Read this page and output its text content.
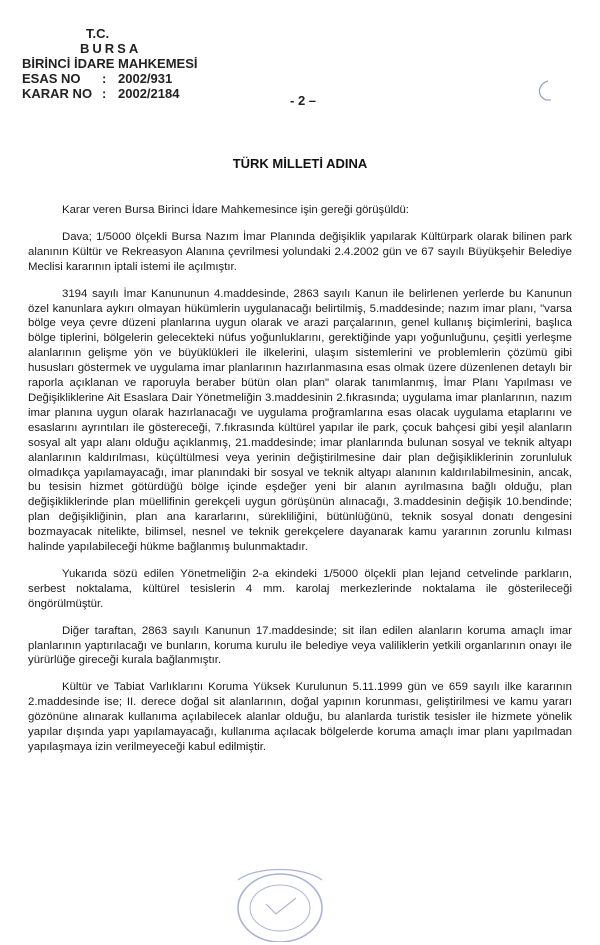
T.C.
BURSA
BİRİNCİ İDARE MAHKEMESİ
ESAS NO	: 2002/931
KARAR NO : 2002/2184	- 2 –
TÜRK MİLLETİ ADINA

Karar veren Bursa Birinci İdare Mahkemesince işin gereği görüşüldü:

Dava; 1/5000 ölçekli Bursa Nazım İmar Planında değişiklik yapılarak Kültürpark olarak bilinen park alanının Kültür ve Rekreasyon Alanına çevrilmesi yolundaki 2.4.2002 gün ve 67 sayılı Büyükşehir Belediye Meclisi kararının iptali istemi ile açılmıştır.

3194 sayılı İmar Kanununun 4.maddesinde, 2863 sayılı Kanun ile belirlenen yerlerde bu Kanunun özel kanunlara aykırı olmayan hükümlerin uygulanacağı belirtilmiş, 5.maddesinde; nazım imar planı, "varsa bölge veya çevre düzeni planlarına uygun olarak ve arazi parçalarının, genel kullanış biçimlerini, başlıca bölge tiplerini, bölgelerin gelecekteki nüfus yoğunluklarını, gerektiğinde yapı yoğunluğunu, çeşitli yerleşme alanlarının gelişme yön ve büyüklükleri ile ilkelerini, ulaşım sistemlerini ve problemlerin çözümü gibi hususları göstermek ve uygulama imar planlarının hazırlanmasına esas olmak üzere düzenlenen detaylı bir raporla açıklanan ve raporuyla beraber bütün olan plan" olarak tanımlanmış, İmar Planı Yapılması ve Değişikliklerine Ait Esaslara Dair Yönetmeliğin 3.maddesinin 2.fıkrasında; uygulama imar planlarının, nazım imar planına uygun olarak hazırlanacağı ve uygulama proğramlarına esas olacak uygulama etaplarını ve esaslarını ayrıntıları ile göstereceği, 7.fıkrasında kültürel yapılar ile park, çocuk bahçesi gibi yeşil alanların sosyal alt yapı alanı olduğu açıklanmış, 21.maddesinde; imar planlarında bulunan sosyal ve teknik altyapı alanlarının kaldırılması, küçültülmesi veya yerinin değiştirilmesine dair plan değişikliklerinin zorunluluk olmadıkça yapılamayacağı, imar planındaki bir sosyal ve teknik altyapı alanının kaldırılabilmesinin, ancak, bu tesisin hizmet götürdüğü bölge içinde eşdeğer yeni bir alanın ayrılmasına bağlı olduğu, plan değişikliklerinde plan müellifinin gerekçeli uygun görüşünün alınacağı, 3.maddesinin değişik 10.bendinde; plan değişikliğinin, plan ana kararlarını, sürekliliğini, bütünlüğünü, teknik sosyal donatı dengesini bozmayacak nitelikte, bilimsel, nesnel ve teknik gerekçelere dayanarak kamu yararının zorunlu kılması halinde yapılabileceği hükme bağlanmış bulunmaktadır.

Yukarıda sözü edilen Yönetmeliğin 2-a ekindeki 1/5000 ölçekli plan lejand cetvelinde parkların, serbest noktalama, kültürel tesislerin 4 mm. karolaj merkezlerinde noktalama ile gösterileceği öngörülmüştür.

Diğer taraftan, 2863 sayılı Kanunun 17.maddesinde; sit ilan edilen alanların koruma amaçlı imar planlarının yaptırılacağı ve bunların, koruma kurulu ile belediye veya valiliklerin yetkili organlarının onayı ile yürürlüğe gireceği kurala bağlanmıştır.

Kültür ve Tabiat Varlıklarını Koruma Yüksek Kurulunun 5.11.1999 gün ve 659 sayılı ilke kararının 2.maddesinde ise; II. derece doğal sit alanlarının, doğal yapının korunması, geliştirilmesi ve kamu yararı gözönüne alınarak kullanıma açılabilecek alanlar olduğu, bu alanlarda turistik tesisler ile hizmete yönelik yapılar dışında yapı yapılamayacağı, kullanıma açılacak bölgelerde koruma amaçlı imar planı yapılmadan yapılaşmaya izin verilmeyeceği kabul edilmiştir.
